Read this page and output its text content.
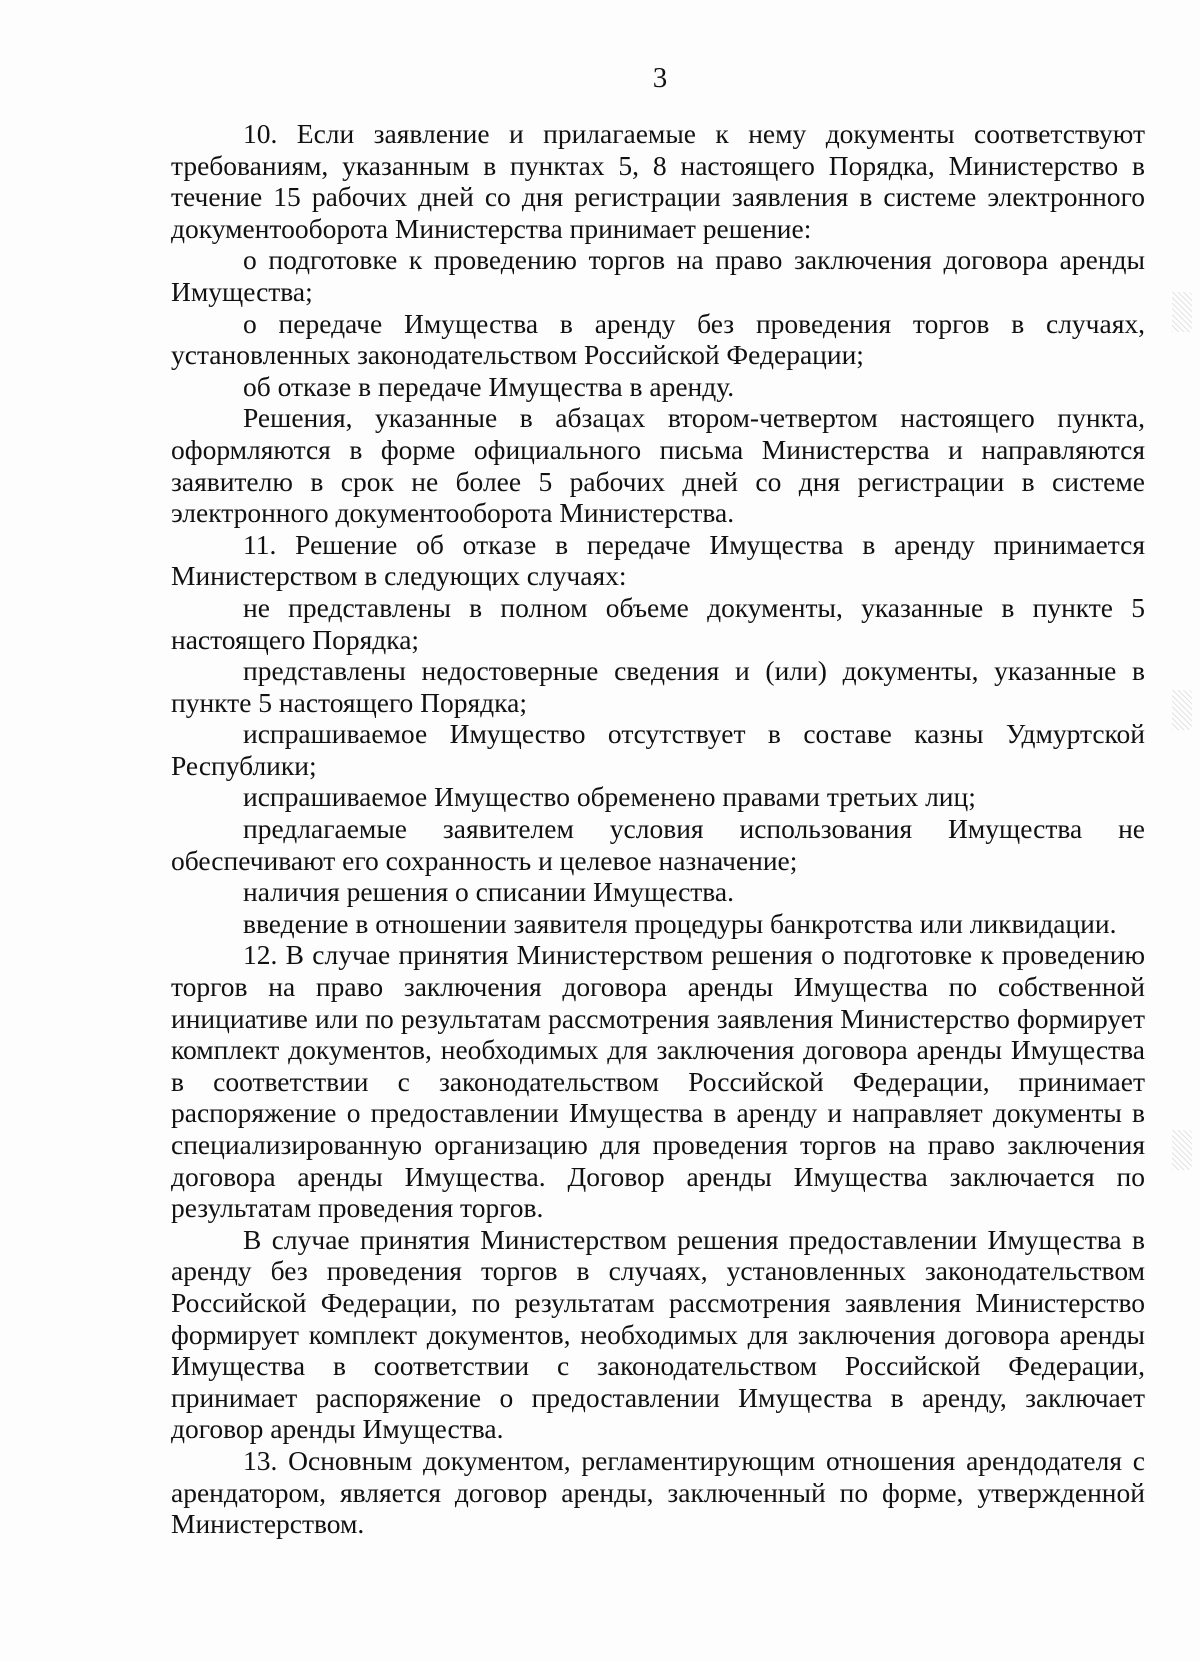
3

10. Если заявление и прилагаемые к нему документы соответствуют требованиям, указанным в пунктах 5, 8 настоящего Порядка, Министерство в течение 15 рабочих дней со дня регистрации заявления в системе электронного документооборота Министерства принимает решение:

о подготовке к проведению торгов на право заключения договора аренды Имущества;

о передаче Имущества в аренду без проведения торгов в случаях, установленных законодательством Российской Федерации;

об отказе в передаче Имущества в аренду.

Решения, указанные в абзацах втором-четвертом настоящего пункта, оформляются в форме официального письма Министерства и направляются заявителю в срок не более 5 рабочих дней со дня регистрации в системе электронного документооборота Министерства.

11. Решение об отказе в передаче Имущества в аренду принимается Министерством в следующих случаях:

не представлены в полном объеме документы, указанные в пункте 5 настоящего Порядка;

представлены недостоверные сведения и (или) документы, указанные в пункте 5 настоящего Порядка;

испрашиваемое Имущество отсутствует в составе казны Удмуртской Республики;

испрашиваемое Имущество обременено правами третьих лиц;

предлагаемые заявителем условия использования Имущества не обеспечивают его сохранность и целевое назначение;

наличия решения о списании Имущества.

введение в отношении заявителя процедуры банкротства или ликвидации.

12. В случае принятия Министерством решения о подготовке к проведению торгов на право заключения договора аренды Имущества по собственной инициативе или по результатам рассмотрения заявления Министерство формирует комплект документов, необходимых для заключения договора аренды Имущества в соответствии с законодательством Российской Федерации, принимает распоряжение о предоставлении Имущества в аренду и направляет документы в специализированную организацию для проведения торгов на право заключения договора аренды Имущества. Договор аренды Имущества заключается по результатам проведения торгов.

В случае принятия Министерством решения предоставлении Имущества в аренду без проведения торгов в случаях, установленных законодательством Российской Федерации, по результатам рассмотрения заявления Министерство формирует комплект документов, необходимых для заключения договора аренды Имущества в соответствии с законодательством Российской Федерации, принимает распоряжение о предоставлении Имущества в аренду, заключает договор аренды Имущества.

13. Основным документом, регламентирующим отношения арендодателя с арендатором, является договор аренды, заключенный по форме, утвержденной Министерством.
